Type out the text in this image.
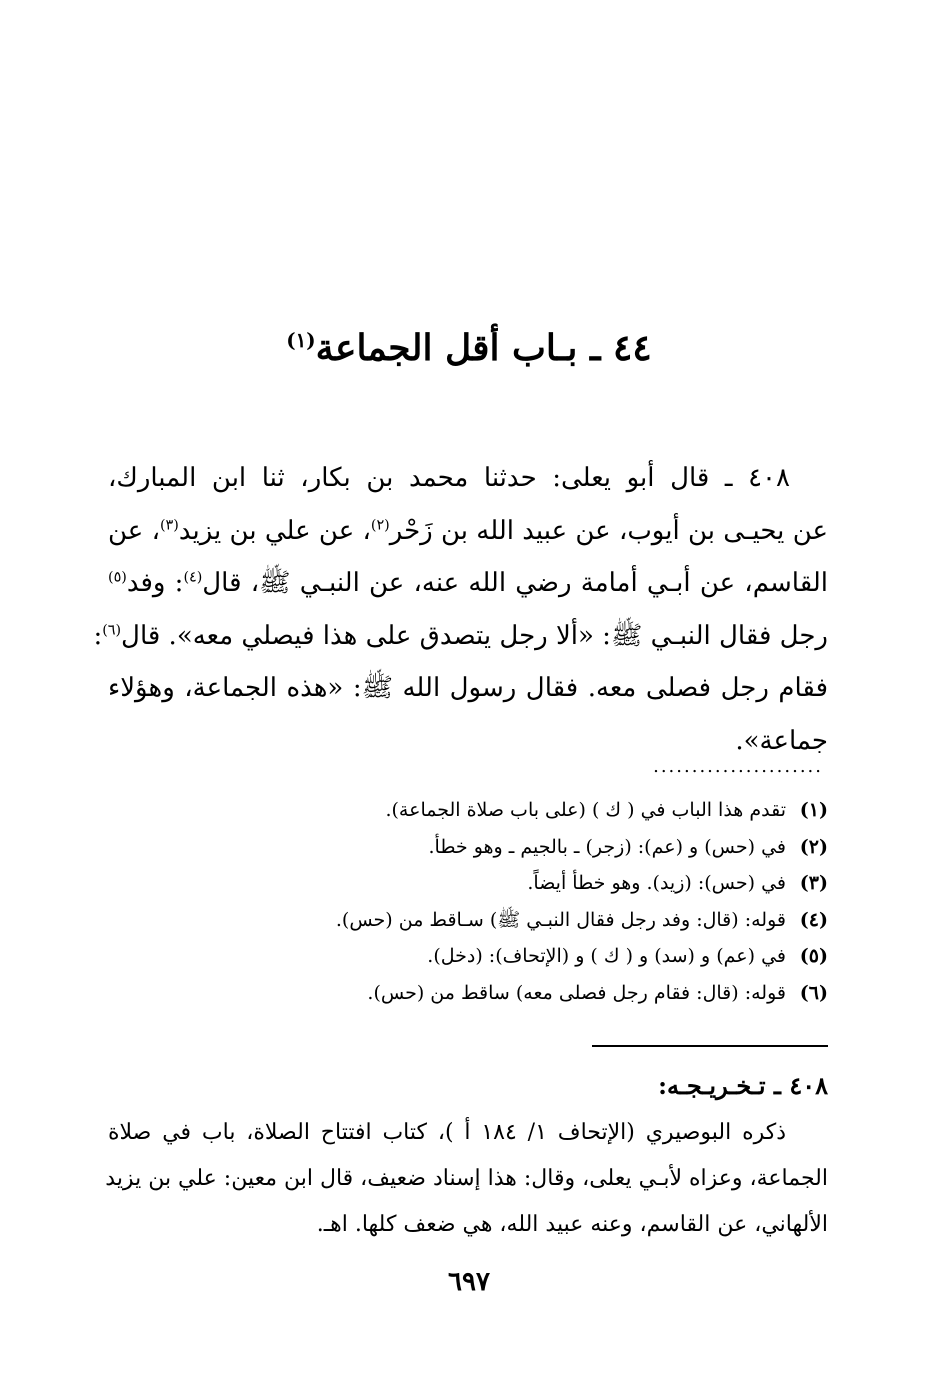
٤٤ ـ بـاب أقل الجماعة$^{(١)}$
٤٠٨ ـ قال أبو يعلى: حدثنا محمد بن بكار، ثنا ابن المبارك،
عن يحيـى بن أيوب، عن عبيد الله بن زَحْر$^{(٢)}$، عن علي بن يزيد$^{(٣)}$، عن
القاسم، عن أبـي أمامة رضي الله عنه، عن النبـي ﷺ، قال$^{(٤)}$: وفد$^{(٥)}$
رجل فقال النبـي ﷺ: «ألا رجل يتصدق على هذا فيصلي معه». قال$^{(٦)}$:
فقام رجل فصلى معه. فقال رسول الله ﷺ: «هذه الجماعة، وهؤلاء
جماعة».
......................
(١)تقدم هذا الباب في ( ك ) (على باب صلاة الجماعة).
(٢)في (حس) و (عم): (زجر) ـ بالجيم ـ وهو خطأ.
(٣)في (حس): (زيد). وهو خطأ أيضاً.
(٤)قوله: (قال: وفد رجل فقال النبـي ﷺ) سـاقط من (حس).
(٥)في (عم) و (سد) و ( ك ) و (الإتحاف): (دخل).
(٦)قوله: (قال: فقام رجل فصلى معه) ساقط من (حس).
٤٠٨ ـ تـخـريـجـه:
ذكره البوصيري (الإتحاف ١/ ١٨٤ أ )، كتاب افتتاح الصلاة، باب في صلاة
الجماعة، وعزاه لأبـي يعلى، وقال: هذا إسناد ضعيف، قال ابن معين: علي بن يزيد
الألهاني، عن القاسم، وعنه عبيد الله، هي ضعف كلها. اهـ.
٦٩٧
